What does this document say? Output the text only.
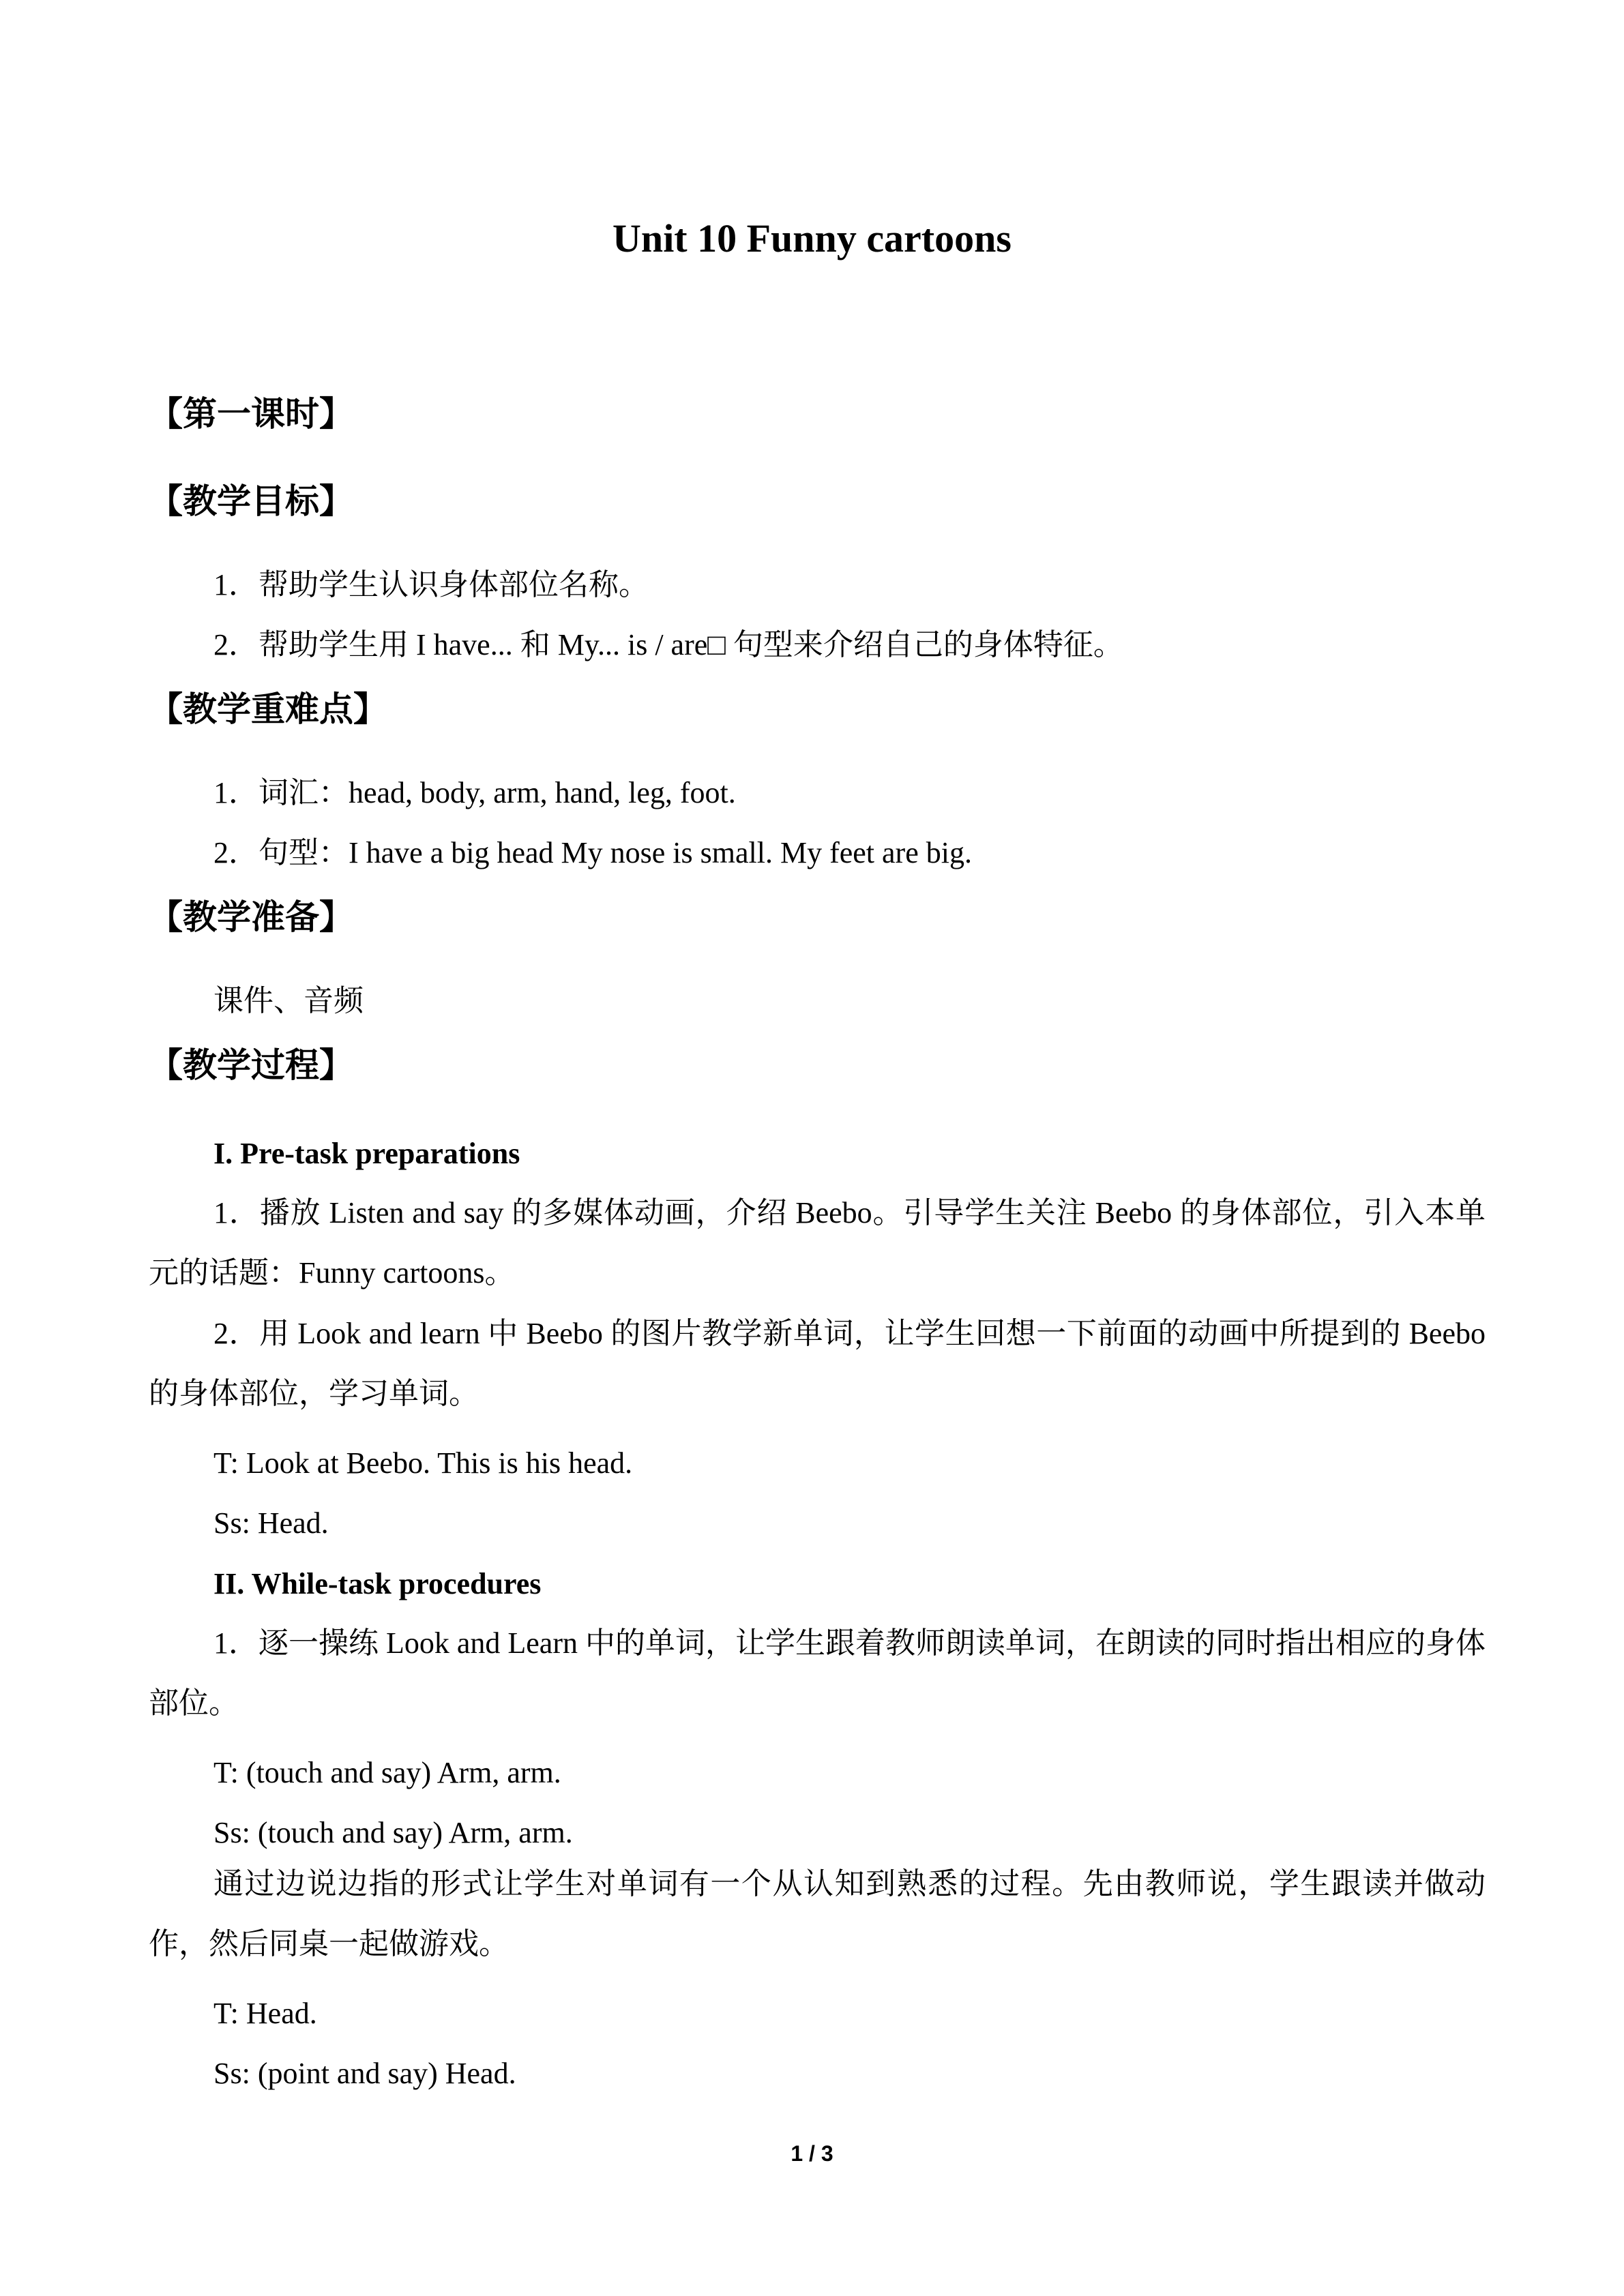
Unit 10 Funny cartoons
【第一课时】
【教学目标】
1．帮助学生认识身体部位名称。
2．帮助学生用 I have... 和 My... is / are□ 句型来介绍自己的身体特征。
【教学重难点】
1．词汇：head, body, arm, hand, leg, foot.
2．句型：I have a big head My nose is small. My feet are big.
【教学准备】
课件、音频
【教学过程】
I. Pre-task preparations
1．播放 Listen and say 的多媒体动画，介绍 Beebo。引导学生关注 Beebo 的身体部位，引入本单元的话题：Funny cartoons。
2．用 Look and learn 中 Beebo 的图片教学新单词，让学生回想一下前面的动画中所提到的 Beebo 的身体部位，学习单词。
T: Look at Beebo. This is his head.
Ss: Head.
II. While-task procedures
1．逐一操练 Look and Learn 中的单词，让学生跟着教师朗读单词，在朗读的同时指出相应的身体部位。
T: (touch and say) Arm, arm.
Ss: (touch and say) Arm, arm.
通过边说边指的形式让学生对单词有一个从认知到熟悉的过程。先由教师说，学生跟读并做动作，然后同桌一起做游戏。
T: Head.
Ss: (point and say) Head.
1 / 3
